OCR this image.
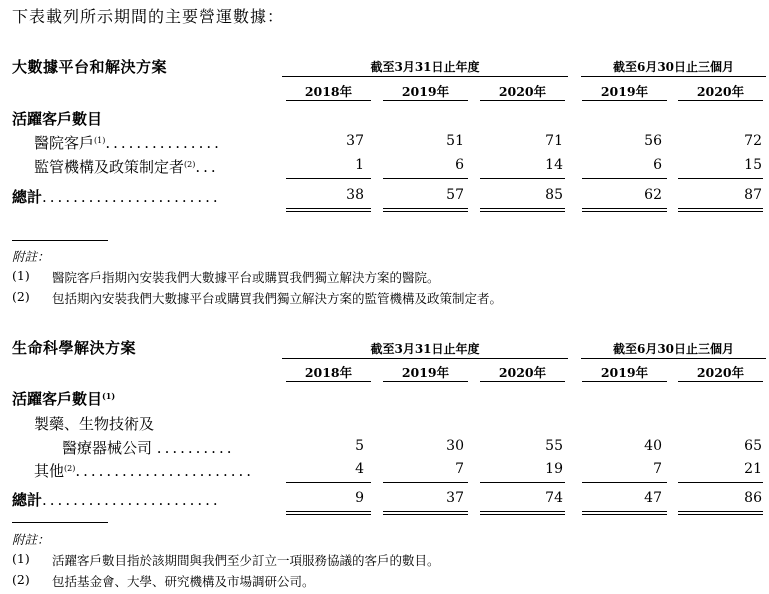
下表載列所示期間的主要營運數據：
大數據平台和解決方案	截至3月31日止年度	截至6月30日止三個月
2018年	2019年	2020年	2019年	2020年
活躍客戶數目
醫院客戶$^{(1)}$...............	37	51	71	56	72
監管機構及政策制定者$^{(2)}$...	1	6	14	6	15
總計.......................	38	57	85	62	87
附註：
(1) 醫院客戶指期內安裝我們大數據平台或購買我們獨立解決方案的醫院。
(2) 包括期內安裝我們大數據平台或購買我們獨立解決方案的監管機構及政策制定者。
生命科學解決方案	截至3月31日止年度	截至6月30日止三個月
2018年	2019年	2020年	2019年	2020年
活躍客戶數目$^{(1)}$
製藥、生物技術及
醫療器械公司 ..........	5	30	55	40	65
其他$^{(2)}$.......................	4	7	19	7	21
總計.......................	9	37	74	47	86
附註：
(1) 活躍客戶數目指於該期間與我們至少訂立一項服務協議的客戶的數目。
(2) 包括基金會、大學、研究機構及市場調研公司。
